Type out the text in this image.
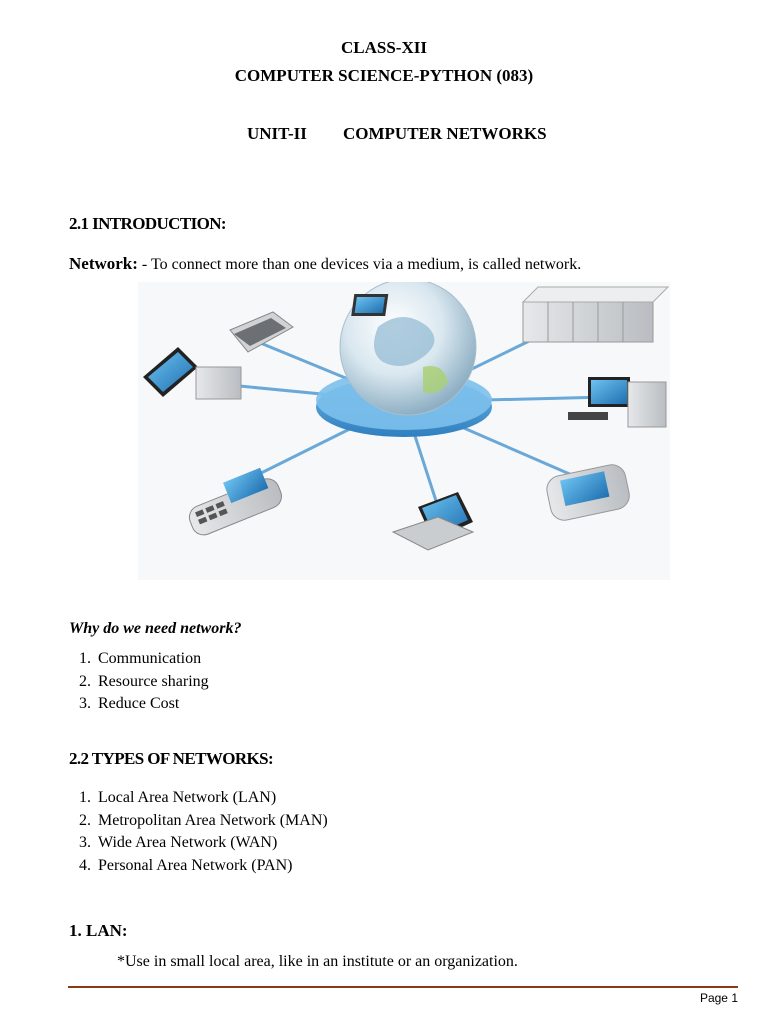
CLASS-XII
COMPUTER SCIENCE-PYTHON (083)
UNIT-II COMPUTER NETWORKS
2.1 INTRODUCTION:
Network: - To connect more than one devices via a medium, is called network.
Why do we need network?
1. Communication
2. Resource sharing
3. Reduce Cost
2.2 TYPES OF NETWORKS:
1. Local Area Network (LAN)
2. Metropolitan Area Network (MAN)
3. Wide Area Network (WAN)
4. Personal Area Network (PAN)
1. LAN:
*Use in small local area, like in an institute or an organization.
Page 1
